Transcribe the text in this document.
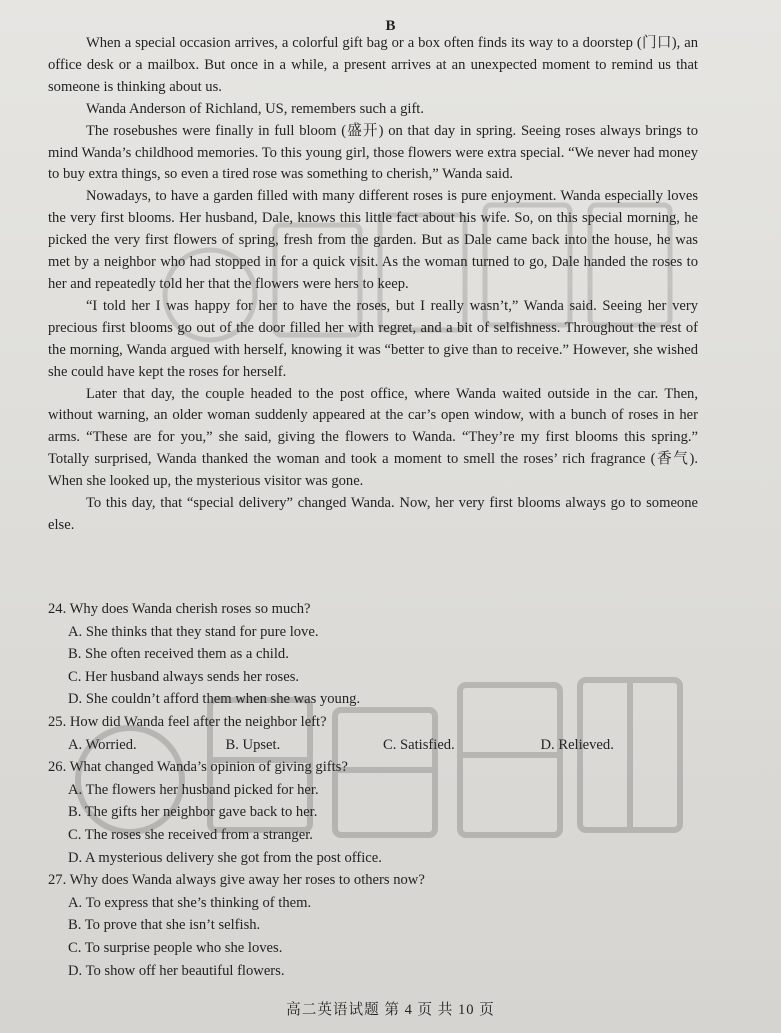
B

When a special occasion arrives, a colorful gift bag or a box often finds its way to a doorstep (门口), an office desk or a mailbox. But once in a while, a present arrives at an unexpected moment to remind us that someone is thinking about us.

Wanda Anderson of Richland, US, remembers such a gift.

The rosebushes were finally in full bloom (盛开) on that day in spring. Seeing roses always brings to mind Wanda’s childhood memories. To this young girl, those flowers were extra special. “We never had money to buy extra things, so even a tired rose was something to cherish,” Wanda said.

Nowadays, to have a garden filled with many different roses is pure enjoyment. Wanda especially loves the very first blooms. Her husband, Dale, knows this little fact about his wife. So, on this special morning, he picked the very first flowers of spring, fresh from the garden. But as Dale came back into the house, he was met by a neighbor who had stopped in for a quick visit. As the woman turned to go, Dale handed the roses to her and repeatedly told her that the flowers were hers to keep.

“I told her I was happy for her to have the roses, but I really wasn’t,” Wanda said. Seeing her very precious first blooms go out of the door filled her with regret, and a bit of selfishness. Throughout the rest of the morning, Wanda argued with herself, knowing it was “better to give than to receive.” However, she wished she could have kept the roses for herself.

Later that day, the couple headed to the post office, where Wanda waited outside in the car. Then, without warning, an older woman suddenly appeared at the car’s open window, with a bunch of roses in her arms. “These are for you,” she said, giving the flowers to Wanda. “They’re my first blooms this spring.” Totally surprised, Wanda thanked the woman and took a moment to smell the roses’ rich fragrance (香气). When she looked up, the mysterious visitor was gone.

To this day, that “special delivery” changed Wanda. Now, her very first blooms always go to someone else.

24. Why does Wanda cherish roses so much?

A. She thinks that they stand for pure love.

B. She often received them as a child.

C. Her husband always sends her roses.

D. She couldn’t afford them when she was young.

25. How did Wanda feel after the neighbor left?

A. Worried.	B. Upset.	C. Satisfied.	D. Relieved.

26. What changed Wanda’s opinion of giving gifts?

A. The flowers her husband picked for her.

B. The gifts her neighbor gave back to her.

C. The roses she received from a stranger.

D. A mysterious delivery she got from the post office.

27. Why does Wanda always give away her roses to others now?

A. To express that she’s thinking of them.

B. To prove that she isn’t selfish.

C. To surprise people who she loves.

D. To show off her beautiful flowers.

高二英语试题 第 4 页 共 10 页
